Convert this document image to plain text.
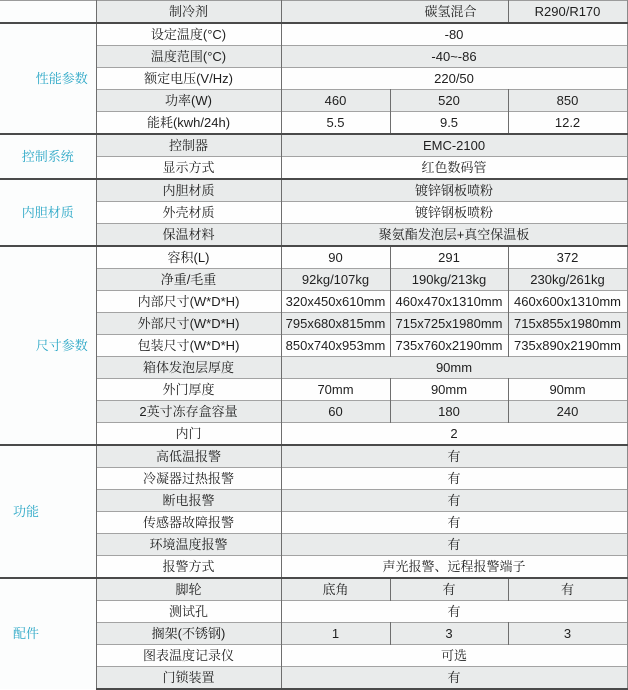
	制冷剂	碳氢混合		R290/R170
性能参数	设定温度(°C)	-80		
	温度范围(°C)	-40~-86		
	额定电压(V/Hz)	220/50		
	功率(W)	460	520	850
	能耗(kwh/24h)	5.5	9.5	12.2
控制系统	控制器	EMC-2100		
	显示方式	红色数码管		
内胆材质	内胆材质	镀锌钢板喷粉		
	外壳材质	镀锌钢板喷粉		
	保温材料	聚氨酯发泡层+真空保温板		
尺寸参数	容积(L)	90	291	372
	净重/毛重	92kg/107kg	190kg/213kg	230kg/261kg
	内部尺寸(W*D*H)	320x450x610mm	460x470x1310mm	460x600x1310mm
	外部尺寸(W*D*H)	795x680x815mm	715x725x1980mm	715x855x1980mm
	包装尺寸(W*D*H)	850x740x953mm	735x760x2190mm	735x890x2190mm
	箱体发泡层厚度	90mm		
	外门厚度	70mm	90mm	90mm
	2英寸冻存盒容量	60	180	240
	内门	2		
功能	高低温报警	有		
	冷凝器过热报警	有		
	断电报警	有		
	传感器故障报警	有		
	环境温度报警	有		
	报警方式	声光报警、远程报警端子		
配件	脚轮	底角	有	有
	测试孔	有		
	搁架(不锈钢)	1	3	3
	图表温度记录仪	可选		
	门锁装置	有		
